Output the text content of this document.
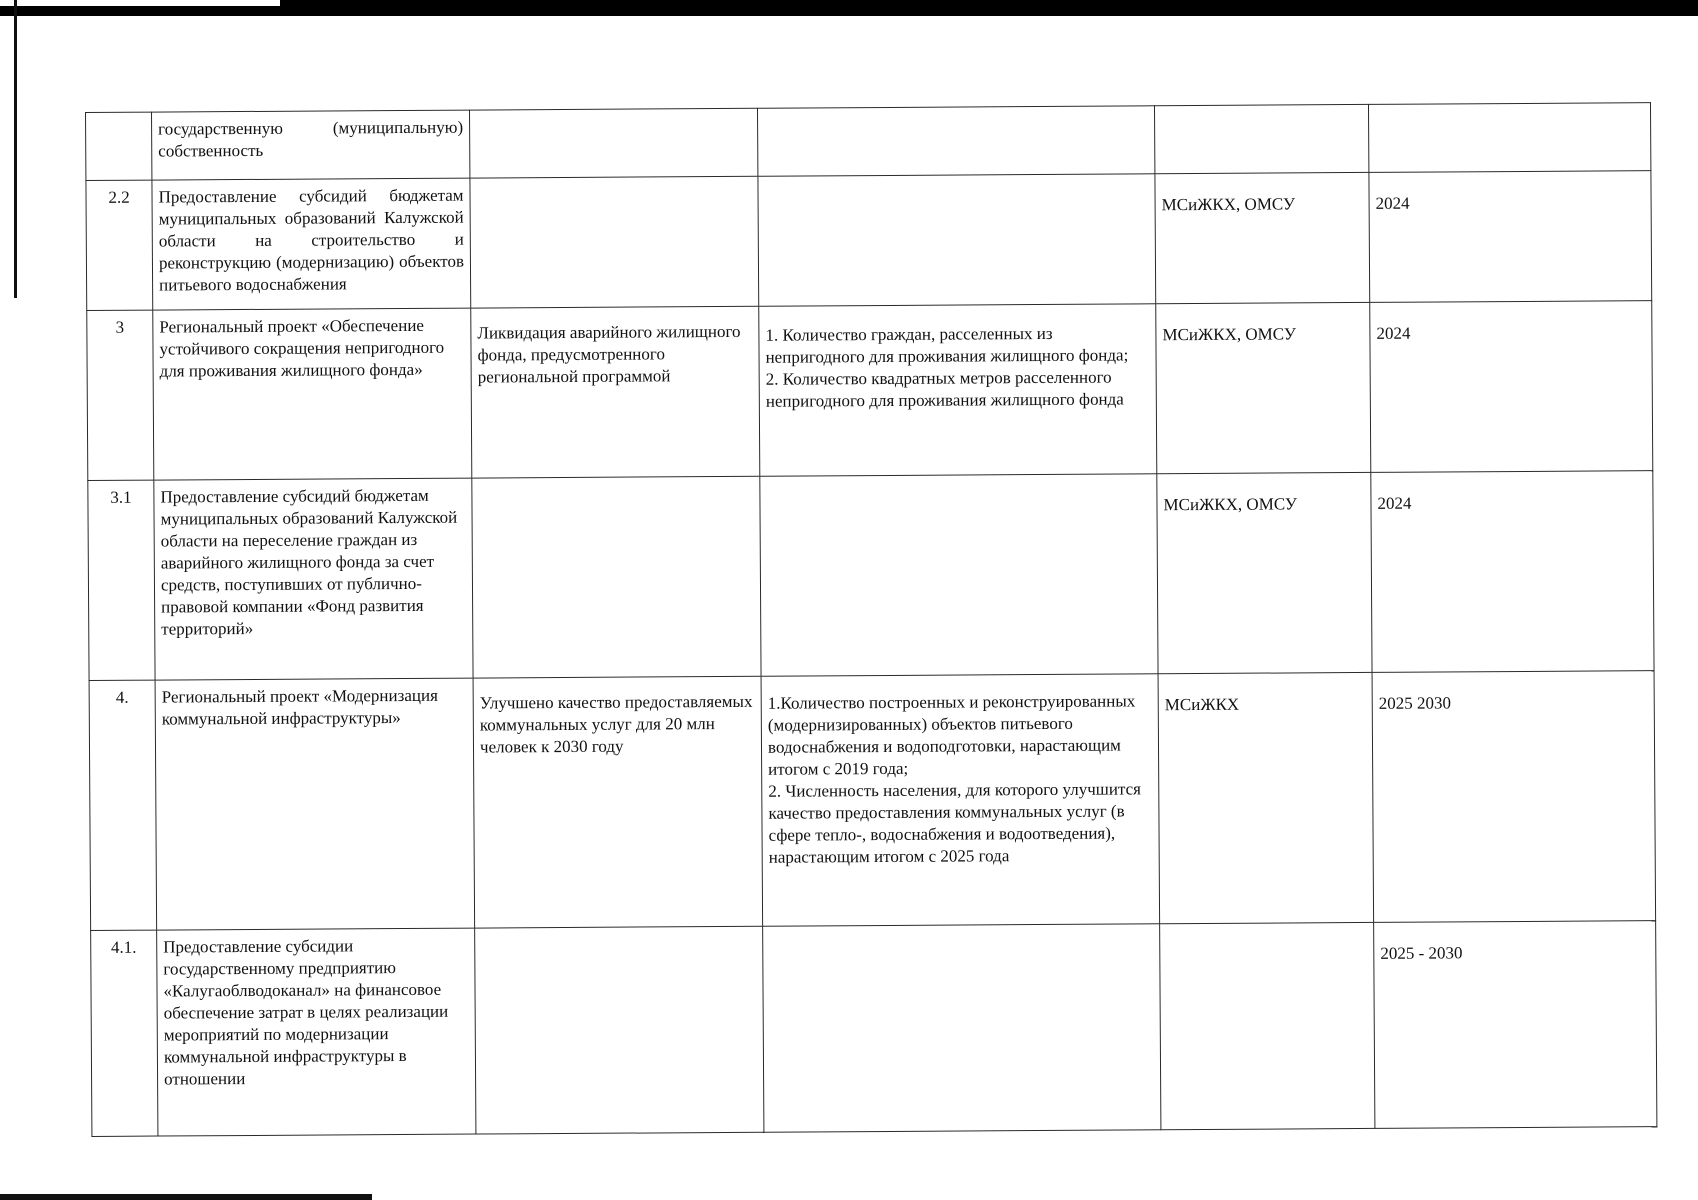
	государственную (муниципальную) собственность			

2.2	Предоставление субсидий бюджетам муниципальных образований Калужской области на строительство и реконструкцию (модернизацию) объектов питьевого водоснабжения			МСиЖКХ, ОМСУ	2024

3	Региональный проект «Обеспечение устойчивого сокращения непригодного для проживания жилищного фонда»	Ликвидация аварийного жилищного фонда, предусмотренного региональной программой	1. Количество граждан, расселенных из непригодного для проживания жилищного фонда;
2. Количество квадратных метров расселенного непригодного для проживания жилищного фонда	МСиЖКХ, ОМСУ	2024

3.1	Предоставление субсидий бюджетам муниципальных образований Калужской области на переселение граждан из аварийного жилищного фонда за счет средств, поступивших от публично-правовой компании «Фонд развития территорий»			МСиЖКХ, ОМСУ	2024

4.	Региональный проект «Модернизация коммунальной инфраструктуры»	Улучшено качество предоставляемых коммунальных услуг для 20 млн человек к 2030 году	1.Количество построенных и реконструированных (модернизированных) объектов питьевого водоснабжения и водоподготовки, нарастающим итогом с 2019 года;
2. Численность населения, для которого улучшится качество предоставления коммунальных услуг (в сфере тепло-, водоснабжения и водоотведения), нарастающим итогом с 2025 года	МСиЖКХ	2025 2030

4.1.	Предоставление субсидии государственному предприятию «Калугаоблводоканал» на финансовое обеспечение затрат в целях реализации мероприятий по модернизации коммунальной инфраструктуры в отношении				2025 - 2030
